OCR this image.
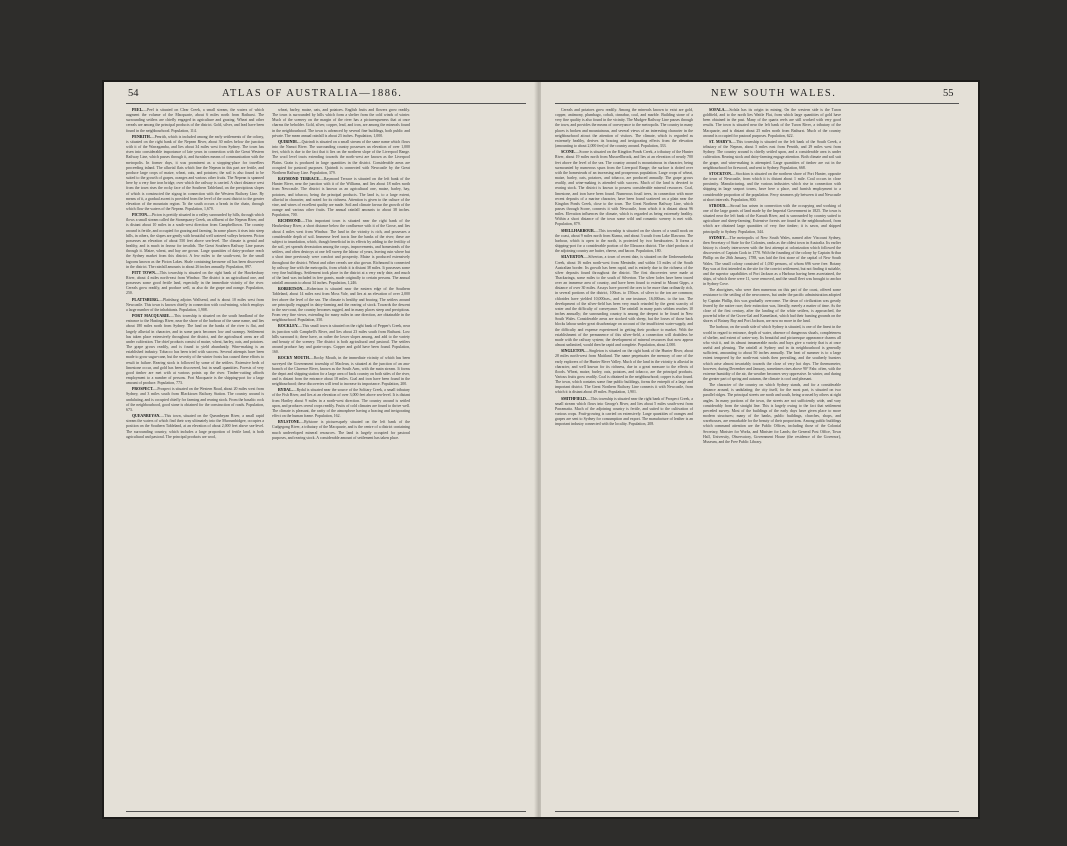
54	ATLAS OF AUSTRALIA—1886.

PEEL.—Peel is situated on Clear Creek, a small stream, the waters of which augment the volume of the Macquarie, about 6 miles north from Bathurst. The surrounding settlers are chiefly engaged in agriculture and grazing. Wheat and other cereals are among the principal products of the district. Gold, silver, and lead have been found in the neighbourhood. Population, 114.

PENRITH.—Penrith, which is included among the early settlements of the colony, is situated on the right bank of the Nepean River, about 30 miles below the junction with it of the Warragamba, and lies about 34 miles west from Sydney. The town has risen into considerable importance of late years in connection with the Great Western Railway Line, which passes through it, and furnishes means of communication with the metropolis. In former days, it was prominent as a stopping-place for travellers proceeding inland. The alluvial flats which line the Nepean in this part are fertile, and produce large crops of maize, wheat, oats, and potatoes; the soil is also found to be suited to the growth of grapes, oranges and various other fruits. The Nepean is spanned here by a very fine iron bridge, over which the railway is carried. A short distance west from the town rises the rocky face of the Southern Tableland, on the precipitous slopes of which is constructed the zigzag in connection with the Western Railway Line. By means of it, a gradual ascent is provided from the level of the coast district to the greater elevation of the mountain region. To the south occurs a break in the chain, through which flow the waters of the Nepean. Population, 1,670.

PICTON.—Picton is prettily situated in a valley surrounded by hills, through which flows a small stream called the Stonequarry Creek, an affluent of the Nepean River, and is distant about 10 miles in a south-west direction from Campbelltown. The country around is fertile, and occupied for grazing and farming. In some places it rises into steep hills, in others, the slopes are gently with beautiful well watered valleys between. Picton possesses an elevation of about 550 feet above sea-level. The climate is genial and healthy, and is much in favour for invalids. The Great Southern Railway Line passes through it. Maize, wheat, and hay are grown. Large quantities of dairy-produce reach the Sydney market from this district. A few miles to the south-west, lie the small lagoons known as the Picton Lakes. Shale containing kerosene oil has been discovered in the district. The rainfall amounts to about 26 inches annually. Population, 897.

PITT TOWN.—This township is situated on the right bank of the Hawkesbury River, about 4 miles north-east from Windsor. The district is an agricultural one, and possesses some good fertile land, especially in the immediate vicinity of the river. Cereals grow readily, and produce well, as also do the grape and orange. Population, 250.

PLATTSBURG.—Plattsburg adjoins Wallsend, and is about 10 miles west from Newcastle. This town is known chiefly in connection with coal-mining, which employs a large number of the inhabitants. Population, 1,908.

PORT MACQUARIE.—This township is situated on the south headland of the entrance to the Hastings River, near the shore of the harbour of the same name, and lies about 180 miles north from Sydney. The land on the banks of the river is flat, and largely alluvial in character, and in some parts becomes low and swampy. Settlement has taken place extensively throughout the district, and the agricultural areas are all under cultivation. The chief products consist of maize, wheat, barley, oats, and potatoes. The grape grows readily, and is found to yield abundantly. Wine-making is an established industry. Tobacco has been tried with success. Several attempts have been made to grow sugar-cane, but the severity of the winter frosts has caused these efforts to result in failure. Rearing stock is followed by some of the settlers. Extensive beds of limestone occur, and gold has been discovered, but in small quantities. Forests of very good timber are met with at various points up the river. Timber-cutting affords employment to a number of persons. Port Macquarie is the shipping-port for a large amount of produce. Population, 773.

PROSPECT.—Prospect is situated on the Western Road, about 20 miles west from Sydney, and 3 miles south from Blacktown Railway Station. The country around is undulating, and is occupied chiefly for farming and rearing stock. From the basaltic rock of the neighbourhood, good stone is obtained for the construction of roads. Population, 673.

QUEANBEYAN.—This town, situated on the Queanbeyan River, a small rapid stream the waters of which find their way ultimately into the Murrumbidgee, occupies a position on the Southern Tableland, at an elevation of about 2,000 feet above sea-level. The surrounding country, which includes a large proportion of fertile land, is both agricultural and pastoral. The principal products are wool,

wheat, barley, maize, oats, and potatoes. English fruits and flowers grow readily. The town is surrounded by hills which form a shelter from the cold winds of winter. Much of the scenery on the margin of the river has a picturesqueness that at once charms the beholder. Gold, silver, copper, lead, and iron, are among the minerals found in the neighbourhood. The town is advanced by several fine buildings, both public and private. The mean annual rainfall is about 23 inches. Population, 1,000.

QUIRINDI.—Quirindi is situated on a small stream of the same name which flows into the Namoi River. The surrounding country possesses an elevation of over 1,000 feet, which is due to the fact that it lies on the northern slope of the Liverpool Range. The wool level tracts extending towards the north-west are known as the Liverpool Plains. Grain is produced in large quantities in the district. Considerable areas are occupied for pastoral purposes. Quirindi is connected with Newcastle by the Great Northern Railway Line. Population, 379.

RAYMOND TERRACE.—Raymond Terrace is situated on the left bank of the Hunter River, near the junction with it of the Williams, and lies about 18 miles north from Newcastle. The district is known as an agricultural one, maize, barley, hay, potatoes, and tobacco, being the principal products. The land is, to a large extent, alluvial in character, and noted for its richness. Attention is given to the culture of the vine, and wines of excellent quality are made. Soil and climate favour the growth of the orange and various other fruits. The annual rainfall amounts to about 38 inches. Population, 700.

RICHMOND.—This important town is situated near the right bank of the Hawkesbury River, a short distance below the confluence with it of the Grose, and lies about 4 miles west from Windsor. The land in the vicinity is rich, and possesses a considerable depth of soil. Immense level tracts line the banks of the river; these are subject to inundation, which, though beneficial in its effects by adding to the fertility of the soil, yet spreads devastation among the crops, improvements, and homesteads of the settlers, and often destroys at one fell sweep the labour of years, leaving ruin where but a short time previously were comfort and prosperity. Maize is produced extensively throughout the district. Wheat and other cereals are also grown. Richmond is connected by railway line with the metropolis, from which it is distant 38 miles. It possesses some very fine buildings. Settlement took place in the district at a very early date, and much of the land was included in free grants, made originally to certain persons. The annual rainfall amounts to about 34 inches. Population, 1,246.

ROBERTSON.—Robertson is situated near the eastern edge of the Southern Tableland, about 14 miles east from Moss Vale, and lies at an elevation of over 2,000 feet above the level of the sea. The climate is healthy and bracing. The settlers around are principally engaged in dairy-farming and the rearing of stock. Towards the descent to the sea-coast, the country becomes rugged, and in many places steep and precipitous. From very fine views, extending for many miles in one direction, are obtainable in the neighbourhood. Population, 350.

ROCKLEY.—This small town is situated on the right bank of Pepper's Creek, near its junction with Campbell's River, and lies about 23 miles south from Bathurst. Low hills surround it; these have, as rather the lower slopes among, and add to the variety and beauty of the scenery. The district is both agricultural and pastoral. The settlers around produce hay and grain-crops. Copper and gold have been found. Population, 160.

ROCKY MOUTH.—Rocky Mouth, in the immediate vicinity of which has been surveyed the Government township of Maclean, is situated at the junction of an ana-branch of the Clarence River, known as the South Arm, with the main stream. It forms the depot and shipping station for a large area of back country on both sides of the river, and is distant from the entrance about 18 miles. Coal and iron have been found in the neighbourhood; these discoveries will tend to increase its importance. Population, 200.

RYDAL.—Rydal is situated near the source of the Solitary Creek, a small tributary of the Fish River, and lies at an elevation of over 3,000 feet above sea-level. It is distant from Hartley about 9 miles in a north-west direction. The country around is settled upon, and produces cereal crops readily. Fruits of cold climates are found to thrive well. The climate is pleasant, the rarity of the atmosphere having a bracing and invigorating effect on the human frame. Population, 162.

RYLSTONE.—Rylstone is picturesquely situated on the left bank of the Cudgegong River, a tributary of the Macquarie, and is the centre of a district containing much undeveloped mineral resources. The land is largely occupied for pastoral purposes, and rearing stock. A considerable amount of settlement has taken place.

NEW SOUTH WALES.	55

Cereals and potatoes grow readily. Among the minerals known to exist are gold, copper, antimony, plumbago, cobalt, cinnabar, coal, and marble. Building stone of a very fine quality is also found in the vicinity. The Mudgee Railway Line passes through the town, and provides the means of conveyance to the metropolis. The country in many places is broken and mountainous, and several views of an interesting character in the neighbourhood attract the attention of visitors. The climate, which is regarded as extremely healthy, derives its bracing and invigorating effects from the elevation (amounting to about 2,000 feet) of the country around. Population, 333.

SCONE.—Scone is situated on the Kingdon Ponds Creek, a tributary of the Hunter River, about 19 miles north from Muswellbrook, and lies at an elevation of nearly 700 feet above the level of the sea. The country around is mountainous in character, being surmounted by numerous spurs from the Liverpool Range; the surface is dotted over with the homesteads of an increasing and prosperous population. Large crops of wheat, maize, barley, oats, potatoes, and tobacco, are produced annually. The grape grows readily, and wine-making is attended with success. Much of the land is devoted to rearing stock. The district is known to possess considerable mineral resources. Coal, limestone, and iron have been found. Numerous fossil trees, in connection with more recent deposits of a marine character, have been found scattered on a plain near the Kingdon Ponds Creek, close to the town. The Great Northern Railway Line, which passes through Scone, connects it with Newcastle, from which it is distant about 96 miles. Elevation influences the climate, which is regarded as being extremely healthy. Within a short distance of the town some wild and romantic scenery is met with. Population, 879.

SHELLHARBOUR.—This township is situated on the shores of a small nook on the coast, about 9 miles north from Kiama, and about 3 south from Lake Illawarra. The harbour, which is open to the north, is protected by two breakwaters. It forms a shipping-port for a considerable portion of the Illawarra district. The chief products of the adjoining country are butter, cheese, and bacon. Population, 180.

SILVERTON.—Silverton, a town of recent date, is situated on the Umberumberka Creek, about 16 miles north-west from Menindie, and within 13 miles of the South Australian border. Its growth has been rapid, and is entirely due to the richness of the silver deposits found throughout the district. The first discoveries were made at Thackaringa, some miles to the south of Silverton. The silver lodes have been traced over an immense area of country, and have been found to extend to Mount Gipps, a distance of over 30 miles. Assays have proved the ores to be more than ordinarily rich, in several portions of the district, 100ozs. to 150ozs. of silver to the ton are common; chlorides have yielded 10,000ozs., and in one instance, 16,000ozs. to the ton. The development of the silver-field has been very much retarded by the great scarcity of water and the difficulty of conveyance. The rainfall in many parts seldom reaches 10 inches annually; the surrounding country is among the deepest to be found in New South Wales. Considerable areas are stocked with sheep, but the losses of those back blocks labour under great disadvantage on account of the insufficient water-supply, and the difficulty and expense experienced in getting their produce to market. With the establishment of the permanence of this silver-field, a connection will doubtless be made with the railway system; the development of mineral resources that now appear almost unlimited, would then be rapid and complete. Population, about 2,000.

SINGLETON.—Singleton is situated on the right bank of the Hunter River, about 28 miles north-west from Maitland. The name perpetuates the memory of one of the early explorers of the Hunter River Valley. Much of the land in the vicinity is alluvial in character, and well known for its richness, due in a great measure to the effects of floods. Wheat, maize, barley, oats, potatoes, and tobacco, are the principal products. Various fruits grow readily. Coal is obtained in the neighbourhood; copper is also found. The town, which contains some fine public buildings, forms the entrepôt of a large and important district. The Great Northern Railway Line connects it with Newcastle, from which it is distant about 49 miles. Population, 1,901.

SMITHFIELD.—This township is situated near the right bank of Prospect Creek, a small stream which flows into George's River, and lies about 5 miles south-west from Parramatta. Much of the adjoining country is fertile, and suited to the cultivation of various crops. Fruit-growing is carried on extensively. Large quantities of oranges and grapes are sent to Sydney for consumption and export. The manufacture of leather is an important industry connected with the locality. Population, 208.

SOFALA.—Sofala has its origin in mining. On the western side is the Turon goldfield, and to the north lies Wattle Flat, from which large quantities of gold have been obtained in the past. Many of the quartz reefs are still worked with very good results. The town is situated near the left bank of the Turon River, a tributary of the Macquarie, and is distant about 25 miles north from Bathurst. Much of the country around is occupied for pastoral purposes. Population, 622.

ST. MARY'S.—This township is situated on the left bank of the South Creek, a tributary of the Nepean, about 5 miles east from Penrith, and 29 miles west from Sydney. The country around is chiefly settled upon, and a considerable area is under cultivation. Rearing stock and dairy-farming engage attention. Both climate and soil suit the grape, and wine-making is attempted. Large quantities of timber are cut in the neighbourhood for firewood, and sent to Sydney. Population, 668.

STOCKTON.—Stockton is situated on the northern shore of Port Hunter, opposite the town of Newcastle, from which it is distant about 1 mile. Coal occurs in close proximity. Manufacturing, and the various industries which rise in connection with shipping in large seaport towns, have here a place, and furnish employment to a considerable proportion of the population. Ferry steamers ply between it and Newcastle at short intervals. Population, 800.

STROUD.—Stroud has arisen in connection with the occupying and working of one of the large grants of land made by the Imperial Government in 1825. The town is situated near the left bank of the Karuah River, and is surrounded by country suited to agriculture and sheep-farming. Extensive forests are found in the neighbourhood, from which are obtained large quantities of very fine timber; it is sawn, and shipped principally to Sydney. Population, 344.

SYDNEY.—The metropolis of New South Wales, named after Viscount Sydney, then Secretary of State for the Colonies, ranks as the oldest town in Australia. Its earlier history is closely interwoven with the first attempt at colonization which followed the discoveries of Captain Cook in 1770. With the founding of the colony by Captain Arthur Phillip on the 26th January, 1788, was laid the first stone of the capital of New South Wales. The small colony consisted of 1,030 persons, of whom 696 were free. Botany Bay was at first intended as the site for the convict settlement, but not finding it suitable, and the superior capabilities of Port Jackson as a Harbour having been ascertained, the ships, of which there were 11, were removed, and the small fleet was brought to anchor in Sydney Cove.

The aborigines, who were then numerous on this part of the coast, offered some resistance to the settling of the newcomers, but under the pacific administration adopted by Captain Phillip, this was gradually overcome. The dawn of civilization was greatly feared by the native race; their extinction was, literally, merely a matter of time. As the close of the first century, after the landing of the white settlers, is approached, the powerful tribe of the Gwea-Gal and Kameilarai, which had their hunting grounds on the shores of Botany Bay and Port Jackson, are now no more in the land.

The harbour, on the south side of which Sydney is situated, is one of the finest in the world in regard to entrance, depth of water, absence of dangerous shoals, completeness of shelter, and extent of water-way. Its beautiful and picturesque appearance charms all who visit it, and its almost innumerable nooks and bays give a variety that is at once useful and pleasing. The rainfall at Sydney and in its neighbourhood is generally sufficient, amounting to about 50 inches annually. The heat of summer is to a large extent tempered by the north-east winds then prevailing, and the southerly bursters which arise almost invariably towards the close of very hot days. The thermometer, however, during December and January, sometimes rises above 90° Fahr. often, with the extreme humidity of the air, the weather becomes very oppressive. In winter, and during the greater part of spring and autumn, the climate is cool and pleasant.

The character of the country on which Sydney stands, and for a considerable distance around, is undulating; the city itself, for the most part, is situated on two parallel ridges. The principal streets are north and south, being crossed by others at right angles. In many portions of the town, the streets are not sufficiently wide, and vary considerably from the straight line. This is largely owing to the fact that settlement preceded survey. Most of the buildings of the early days have given place to more modern structures; many of the banks, public buildings, churches, shops, and warehouses, are remarkable for the beauty of their proportions. Among public buildings which command attention are the Public Offices, including those of the Colonial Secretary, Minister for Works, and Minister for Lands; the General Post Office, Town Hall, University, Observatory, Government House (the residence of the Governor), Museum, and the Free Public Library.
